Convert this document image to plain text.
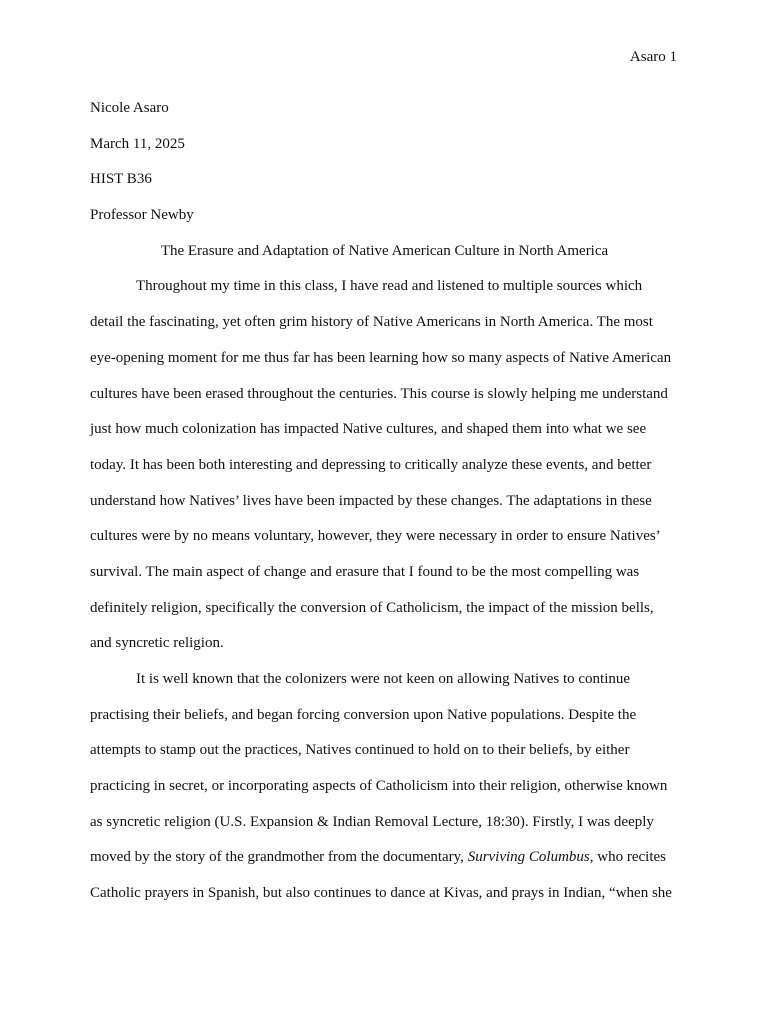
Asaro 1
Nicole Asaro
March 11, 2025
HIST B36
Professor Newby
The Erasure and Adaptation of Native American Culture in North America
Throughout my time in this class, I have read and listened to multiple sources which
detail the fascinating, yet often grim history of Native Americans in North America. The most
eye-opening moment for me thus far has been learning how so many aspects of Native American
cultures have been erased throughout the centuries. This course is slowly helping me understand
just how much colonization has impacted Native cultures, and shaped them into what we see
today. It has been both interesting and depressing to critically analyze these events, and better
understand how Natives’ lives have been impacted by these changes. The adaptations in these
cultures were by no means voluntary, however, they were necessary in order to ensure Natives’
survival. The main aspect of change and erasure that I found to be the most compelling was
definitely religion, specifically the conversion of Catholicism, the impact of the mission bells,
and syncretic religion.
It is well known that the colonizers were not keen on allowing Natives to continue
practising their beliefs, and began forcing conversion upon Native populations. Despite the
attempts to stamp out the practices, Natives continued to hold on to their beliefs, by either
practicing in secret, or incorporating aspects of Catholicism into their religion, otherwise known
as syncretic religion (U.S. Expansion & Indian Removal Lecture, 18:30). Firstly, I was deeply
moved by the story of the grandmother from the documentary, Surviving Columbus, who recites
Catholic prayers in Spanish, but also continues to dance at Kivas, and prays in Indian, “when she
